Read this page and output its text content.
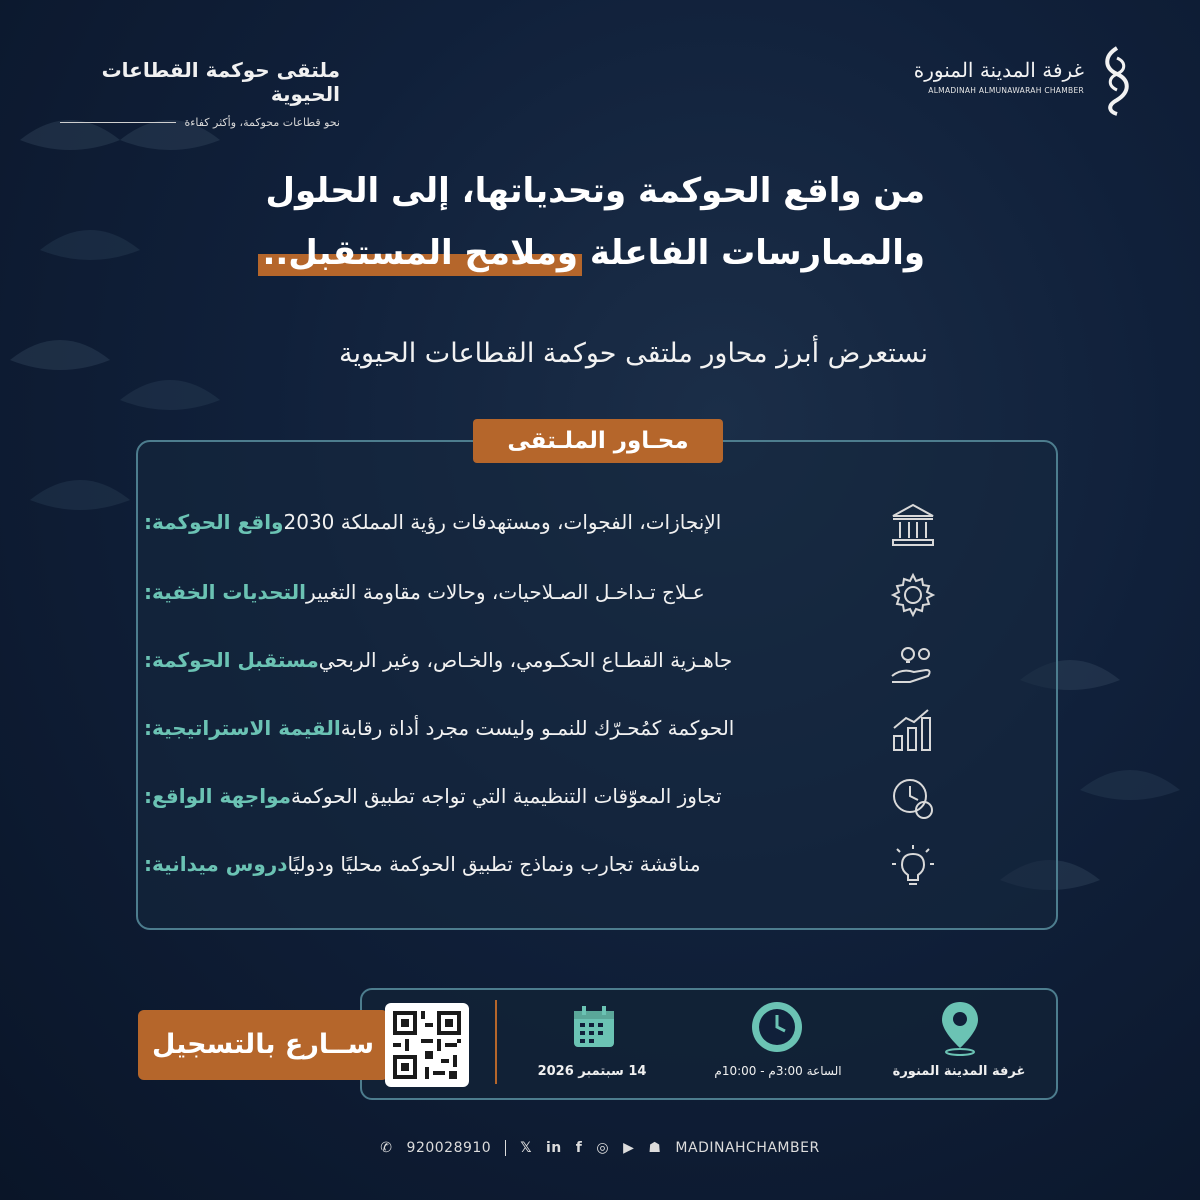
ملتقى حوكمة القطاعات الحيوية
نحو قطاعات محوكمة، وأكثر كفاءة
غرفة المدينة المنورة
ALMADINAH ALMUNAWARAH CHAMBER
من واقع الحوكمة وتحدياتها، إلى الحلول
والممارسات الفاعلة وملامح المستقبل..
نستعرض أبرز محاور ملتقى حوكمة القطاعات الحيوية
محـاور الملـتقى
واقع الحوكمة: الإنجازات، الفجوات، ومستهدفات رؤية المملكة 2030
التحديات الخفية: عـلاج تـداخـل الصـلاحيات، وحالات مقاومة التغيير
مستقبل الحوكمة: جاهـزية القطـاع الحكـومي، والخـاص، وغير الربحي
القيمة الاستراتيجية: الحوكمة كمُحـرّك للنمـو وليست مجرد أداة رقابة
مواجهة الواقع: تجاوز المعوّقات التنظيمية التي تواجه تطبيق الحوكمة
دروس ميدانية: مناقشة تجارب ونماذج تطبيق الحوكمة محليًا ودوليًا
ســارع بالتسجيل
14 سبتمبر 2026	الساعة 3:00م - 10:00م	غرفة المدينة المنورة
✆ 920028910 𝕏 in f ◎ ▶ ☗ MADINAHCHAMBER
